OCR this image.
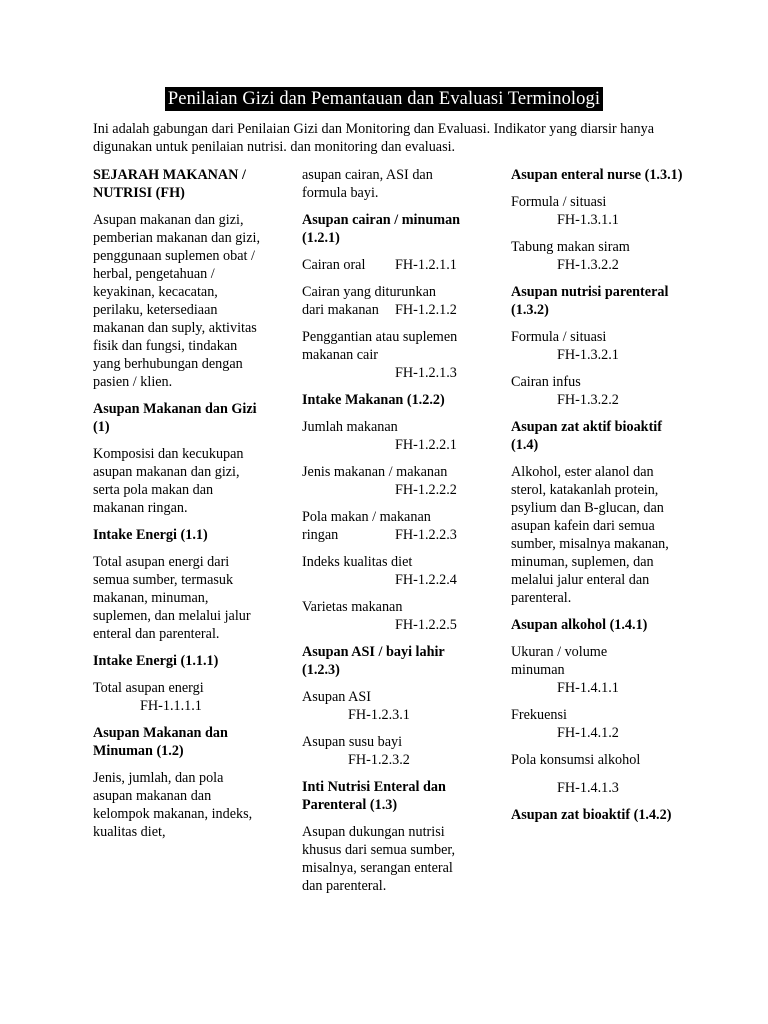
Penilaian Gizi dan Pemantauan dan Evaluasi Terminologi
Ini adalah gabungan dari Penilaian Gizi dan Monitoring dan Evaluasi. Indikator yang diarsir hanya digunakan untuk penilaian nutrisi. dan monitoring dan evaluasi.
SEJARAH MAKANAN / NUTRISI (FH)
Asupan makanan dan gizi, pemberian makanan dan gizi, penggunaan suplemen obat / herbal, pengetahuan / keyakinan, kecacatan, perilaku, ketersediaan makanan dan suply, aktivitas fisik dan fungsi, tindakan yang berhubungan dengan pasien / klien.
Asupan Makanan dan Gizi (1)
Komposisi dan kecukupan asupan makanan dan gizi, serta pola makan dan makanan ringan.
Intake Energi (1.1)
Total asupan energi dari semua sumber, termasuk makanan, minuman, suplemen, dan melalui jalur enteral dan parenteral.
Intake Energi (1.1.1)
Total asupan energi
FH-1.1.1.1
Asupan Makanan dan Minuman (1.2)
Jenis, jumlah, dan pola asupan makanan dan kelompok makanan, indeks, kualitas diet,
asupan cairan, ASI dan formula bayi.
Asupan cairan / minuman (1.2.1)
Cairan oral FH-1.2.1.1
Cairan yang diturunkan
dari makanan FH-1.2.1.2
Penggantian atau suplemen makanan cair
FH-1.2.1.3
Intake Makanan (1.2.2)
Jumlah makanan
FH-1.2.2.1
Jenis makanan / makanan
FH-1.2.2.2
Pola makan / makanan
ringan	FH-1.2.2.3
Indeks kualitas diet
FH-1.2.2.4
Varietas makanan
FH-1.2.2.5
Asupan ASI / bayi lahir (1.2.3)
Asupan ASI
FH-1.2.3.1
Asupan susu bayi
FH-1.2.3.2
Inti Nutrisi Enteral dan Parenteral (1.3)
Asupan dukungan nutrisi khusus dari semua sumber, misalnya, serangan enteral dan parenteral.
Asupan enteral nurse (1.3.1)
Formula / situasi
FH-1.3.1.1
Tabung makan siram
FH-1.3.2.2
Asupan nutrisi parenteral (1.3.2)
Formula / situasi
FH-1.3.2.1
Cairan infus
FH-1.3.2.2
Asupan zat aktif bioaktif (1.4)
Alkohol, ester alanol dan sterol, katakanlah protein, psylium dan B-glucan, dan asupan kafein dari semua sumber, misalnya makanan, minuman, suplemen, dan melalui jalur enteral dan parenteral.
Asupan alkohol (1.4.1)
Ukuran / volume minuman
FH-1.4.1.1
Frekuensi
FH-1.4.1.2
Pola konsumsi alkohol
FH-1.4.1.3
Asupan zat bioaktif (1.4.2)
